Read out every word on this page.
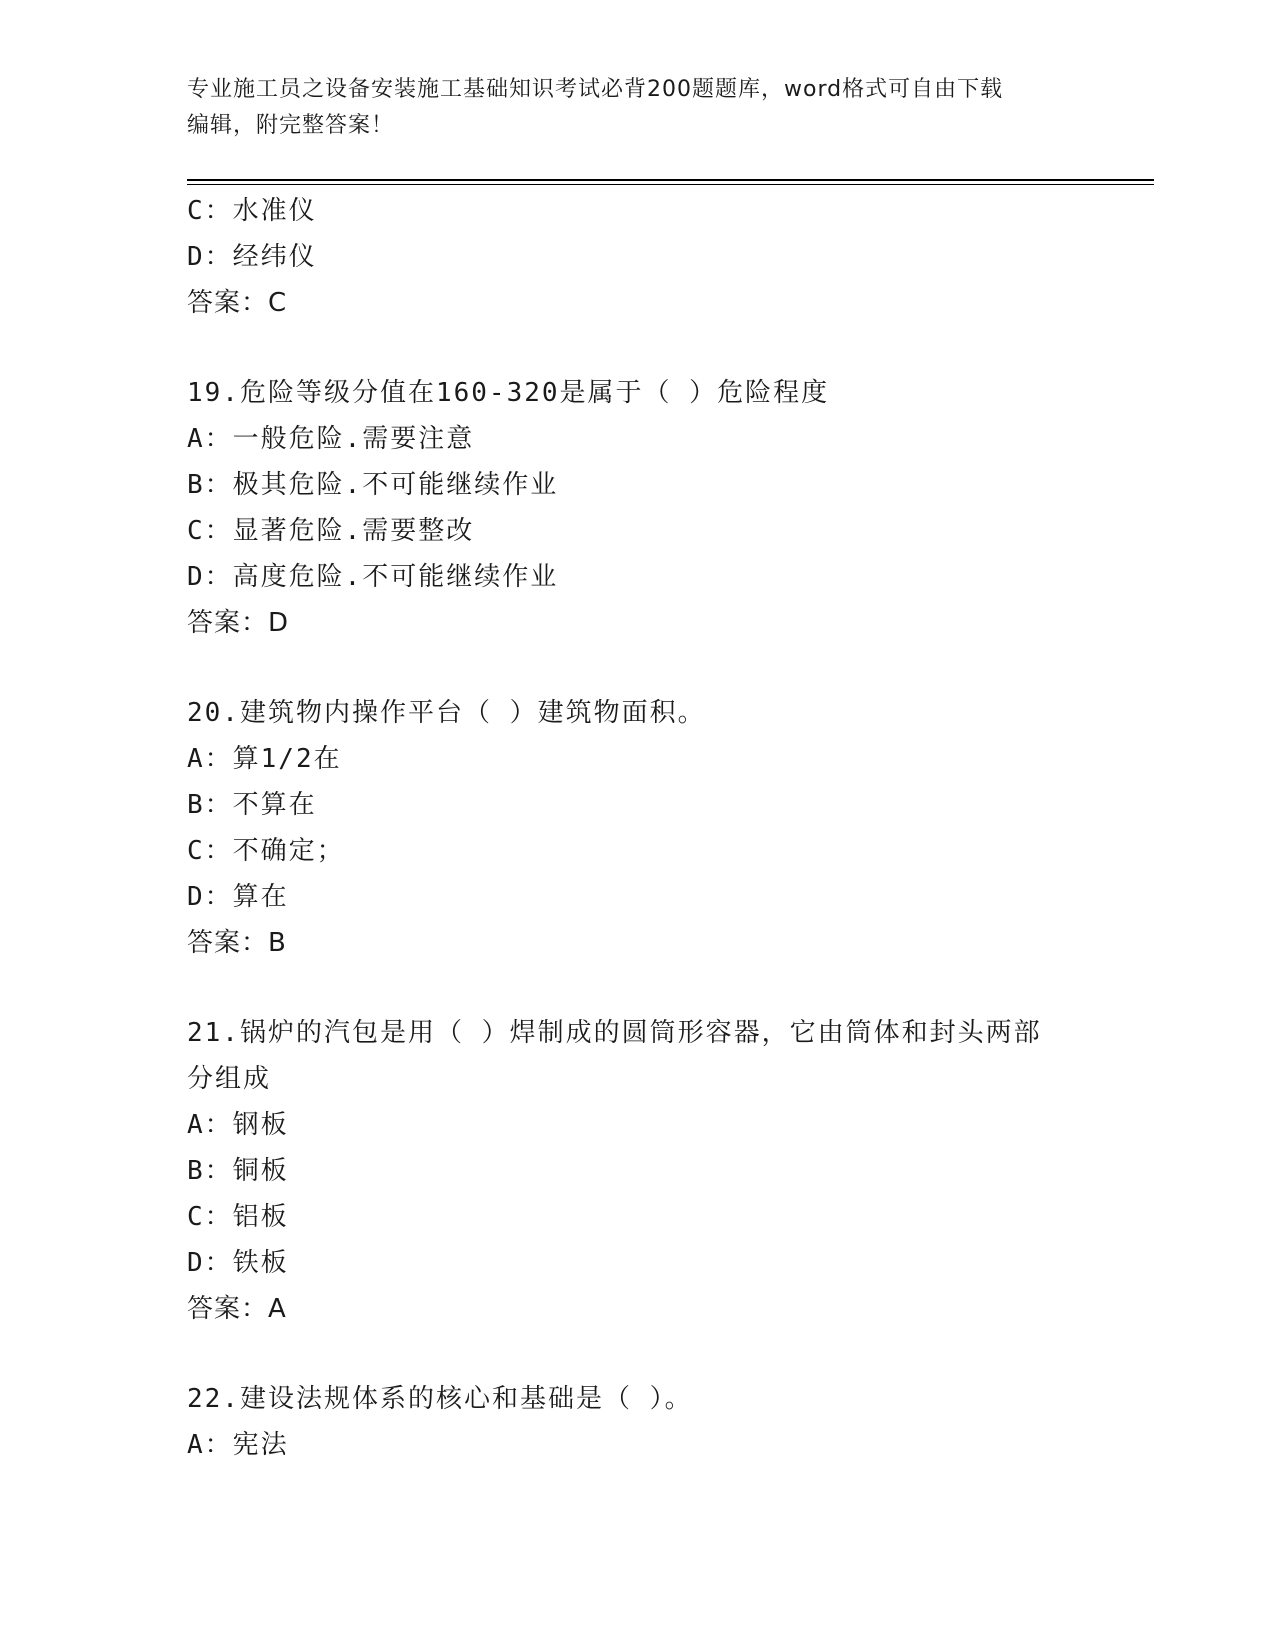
专业施工员之设备安装施工基础知识考试必背200题题库，word格式可自由下载
编辑，附完整答案！
C：水准仪
D：经纬仪
答案：C
19.危险等级分值在160-320是属于（ ）危险程度
A：一般危险.需要注意
B：极其危险.不可能继续作业
C：显著危险.需要整改
D：高度危险.不可能继续作业
答案：D
20.建筑物内操作平台（ ）建筑物面积。
A：算1/2在
B：不算在
C：不确定；
D：算在
答案：B
21.锅炉的汽包是用（ ）焊制成的圆筒形容器，它由筒体和封头两部
分组成
A：钢板
B：铜板
C：铝板
D：铁板
答案：A
22.建设法规体系的核心和基础是（ ）。
A：宪法
